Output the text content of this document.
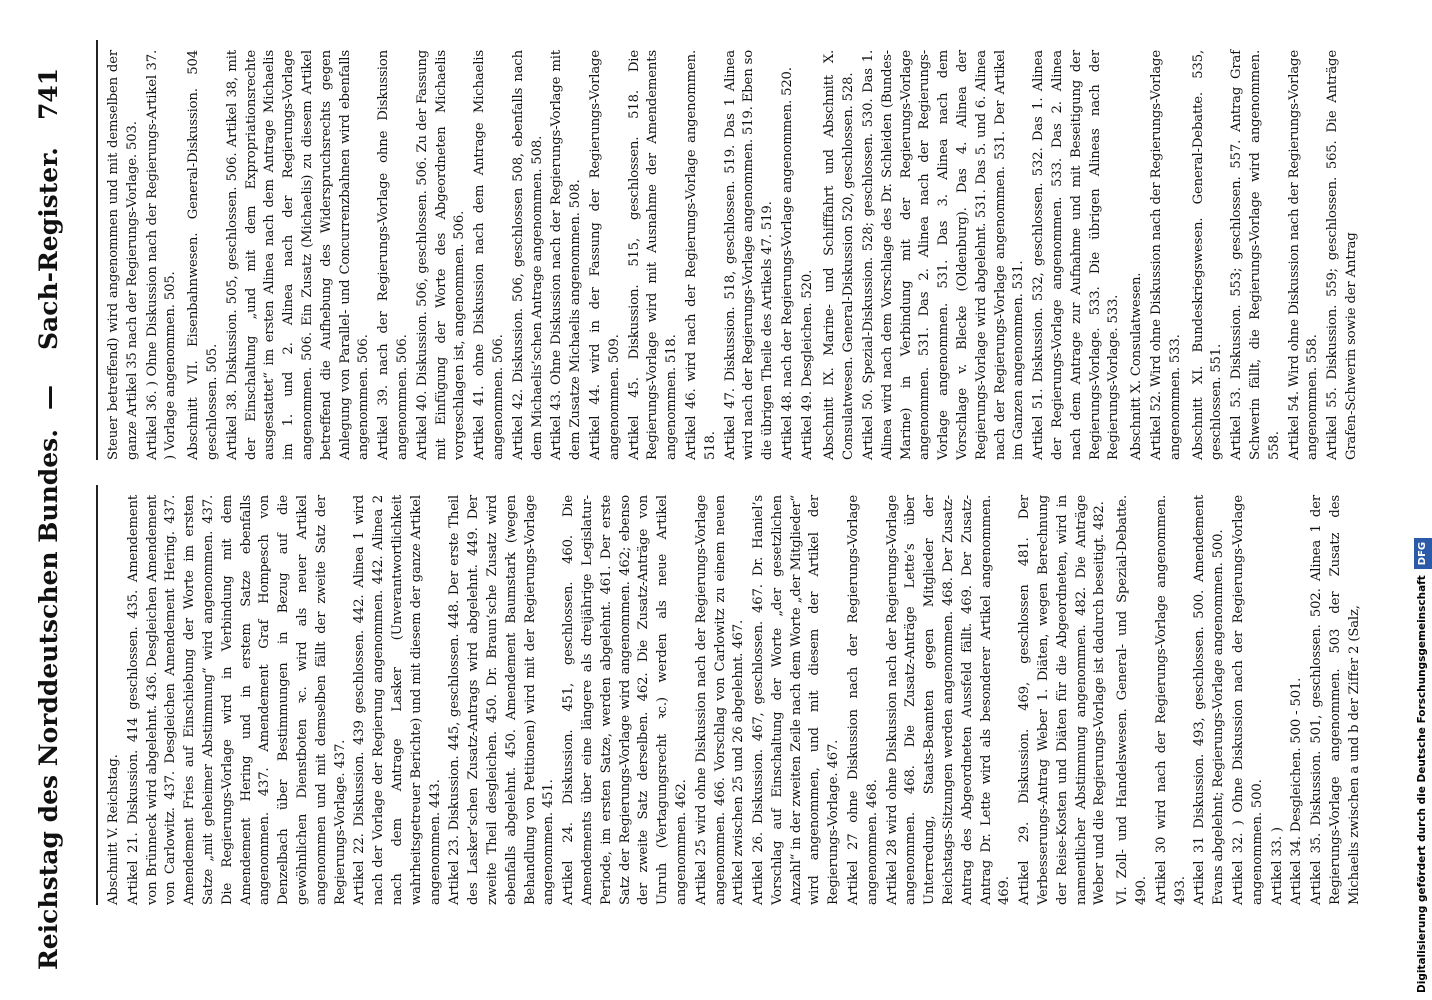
Reichstag des Norddeutschen Bundes.
—
Sach-Register.
741

Abschnitt V. Reichstag. Artikel 21. Diskussion. 414 geschlossen. 435. Amendement von Brünneck wird abgelehnt. 436. Desgleichen Amendement von Carlowitz. 437. Desgleichen Amendement Hering. 437. Amendement Fries auf Einschiebung der Worte im ersten Satze „mit geheimer Abstimmung“ wird angenommen. 437. Die Regierungs-Vorlage wird in Verbindung mit dem Amendement Hering und in erstem Satze ebenfalls angenommen. 437. Amendement Graf Hompesch von Denzelbach über Bestimmungen in Bezug auf die gewöhnlichen Dienstboten ꝛc. wird als neuer Artikel angenommen und mit demselben fällt der zweite Satz der Regierungs-Vorlage. 437. Artikel 22. Diskussion. 439 geschlossen. 442. Alinea 1 wird nach der Vorlage der Regierung angenommen. 442. Alinea 2 nach dem Antrage Lasker (Unverantwortlichkeit wahrheitsgetreuer Berichte) und mit diesem der ganze Artikel angenommen. 443. Artikel 23. Diskussion. 445, geschlossen. 448. Der erste Theil des Lasker’schen Zusatz-Antrags wird abgelehnt. 449. Der zweite Theil desgleichen. 450. Dr. Braun’sche Zusatz wird ebenfalls abgelehnt. 450. Amendement Baumstark (wegen Behandlung von Petitionen) wird mit der Regierungs-Vorlage angenommen. 451. Artikel 24. Diskussion. 451, geschlossen. 460. Die Amendements über eine längere als dreijährige Legislatur-Periode, im ersten Satze, werden abgelehnt. 461. Der erste Satz der Regierungs-Vorlage wird angenommen. 462; ebenso der zweite Satz derselben. 462. Die Zusatz-Anträge von Unruh (Vertagungsrecht ꝛc.) werden als neue Artikel angenommen. 462. Artikel 25 wird ohne Diskussion nach der Regierungs-Vorlage angenommen. 466. Vorschlag von Carlowitz zu einem neuen Artikel zwischen 25 und 26 abgelehnt. 467. Artikel 26. Diskussion. 467, geschlossen. 467. Dr. Haniel’s Vorschlag auf Einschaltung der Worte „der gesetzlichen Anzahl“ in der zweiten Zeile nach dem Worte „der Mitglieder“ wird angenommen, und mit diesem der Artikel der Regierungs-Vorlage. 467. Artikel 27 ohne Diskussion nach der Regierungs-Vorlage angenommen. 468. Artikel 28 wird ohne Diskussion nach der Regierungs-Vorlage angenommen. 468. Die Zusatz-Anträge Lette’s über Unterredung, Staats-Beamten gegen Mitglieder der Reichstags-Sitzungen werden angenommen. 468. Der Zusatz-Antrag des Abgeordneten Aussfeld fällt. 469. Der Zusatz-Antrag Dr. Lette wird als besonderer Artikel angenommen. 469. Artikel 29. Diskussion. 469, geschlossen 481. Der Verbesserungs-Antrag Weber 1. Diäten, wegen Berechnung der Reise-Kosten und Diäten für die Abgeordneten, wird in namentlicher Abstimmung angenommen. 482. Die Anträge Weber und die Regierungs-Vorlage ist dadurch beseitigt. 482. VI. Zoll- und Handelswesen. General- und Spezial-Debatte. 490. Artikel 30 wird nach der Regierungs-Vorlage angenommen. 493. Artikel 31 Diskussion. 493, geschlossen. 500. Amendement Evans abgelehnt; Regierungs-Vorlage angenommen. 500. Artikel 32. ) Ohne Diskussion nach der Regierungs-Vorlage angenommen. 500. Artikel 33. ) Artikel 34. Desgleichen. 500 - 501. Artikel 35. Diskussion. 501, geschlossen. 502. Alinea 1 der Regierungs-Vorlage angenommen. 503 der Zusatz des Michaelis zwischen a und b der Ziffer 2 (Salz,

Steuer betreffend) wird angenommen und mit demselben der ganze Artikel 35 nach der Regierungs-Vorlage. 503. Artikel 36. ) Ohne Diskussion nach der Regierungs-Artikel 37. ) Vorlage angenommen. 505. Abschnitt VII. Eisenbahnwesen. General-Diskussion. 504 geschlossen. 505. Artikel 38. Diskussion. 505, geschlossen. 506. Artikel 38, mit der Einschaltung „und mit dem Expropriationsrechte ausgestattet“ im ersten Alinea nach dem Antrage Michaelis im 1. und 2. Alinea nach der Regierungs-Vorlage angenommen. 506. Ein Zusatz (Michaelis) zu diesem Artikel betreffend die Aufhebung des Widerspruchsrechts gegen Anlegung von Parallel- und Concurrenzbahnen wird ebenfalls angenommen. 506. Artikel 39. nach der Regierungs-Vorlage ohne Diskussion angenommen. 506. Artikel 40. Diskussion. 506, geschlossen. 506. Zu der Fassung mit Einfügung der Worte des Abgeordneten Michaelis vorgeschlagen ist, angenommen. 506. Artikel 41. ohne Diskussion nach dem Antrage Michaelis angenommen. 506. Artikel 42. Diskussion. 506, geschlossen 508, ebenfalls nach dem Michaelis’schen Antrage angenommen. 508. Artikel 43. Ohne Diskussion nach der Regierungs-Vorlage mit dem Zusatze Michaelis angenommen. 508. Artikel 44. wird in der Fassung der Regierungs-Vorlage angenommen. 509. Artikel 45. Diskussion. 515, geschlossen. 518. Die Regierungs-Vorlage wird mit Ausnahme der Amendements angenommen. 518. Artikel 46. wird nach der Regierungs-Vorlage angenommen. 518. Artikel 47. Diskussion. 518, geschlossen. 519. Das 1 Alinea wird nach der Regierungs-Vorlage angenommen. 519. Eben so die übrigen Theile des Artikels 47. 519. Artikel 48. nach der Regierungs-Vorlage angenommen. 520. Artikel 49. Desgleichen. 520. Abschnitt IX. Marine- und Schifffahrt und Abschnitt X. Consulatwesen. General-Diskussion 520, geschlossen. 528. Artikel 50. Spezial-Diskussion. 528; geschlossen. 530. Das 1. Alinea wird nach dem Vorschlage des Dr. Schleiden (Bundes-Marine) in Verbindung mit der Regierungs-Vorlage angenommen. 531. Das 2. Alinea nach der Regierungs-Vorlage angenommen. 531. Das 3. Alinea nach dem Vorschlage v. Blecke (Oldenburg). Das 4. Alinea der Regierungs-Vorlage wird abgelehnt. 531. Das 5. und 6. Alinea nach der Regierungs-Vorlage angenommen. 531. Der Artikel im Ganzen angenommen. 531. Artikel 51. Diskussion. 532, geschlossen. 532. Das 1. Alinea der Regierungs-Vorlage angenommen. 533. Das 2. Alinea nach dem Antrage zur Aufnahme und mit Beseitigung der Regierungs-Vorlage. 533. Die übrigen Alineas nach der Regierungs-Vorlage. 533. Abschnitt X. Consulatwesen. Artikel 52. Wird ohne Diskussion nach der Regierungs-Vorlage angenommen. 533. Abschnitt XI. Bundeskriegswesen. General-Debatte. 535, geschlossen. 551. Artikel 53. Diskussion. 553; geschlossen. 557. Antrag Graf Schwerin fällt, die Regierungs-Vorlage wird angenommen. 558. Artikel 54. Wird ohne Diskussion nach der Regierungs-Vorlage angenommen. 558. Artikel 55. Diskussion. 559; geschlossen. 565. Die Anträge Grafen-Schwerin sowie der Antrag

Digitalisierung gefördert durch die Deutsche ForschungsgemeinschaftDFG
